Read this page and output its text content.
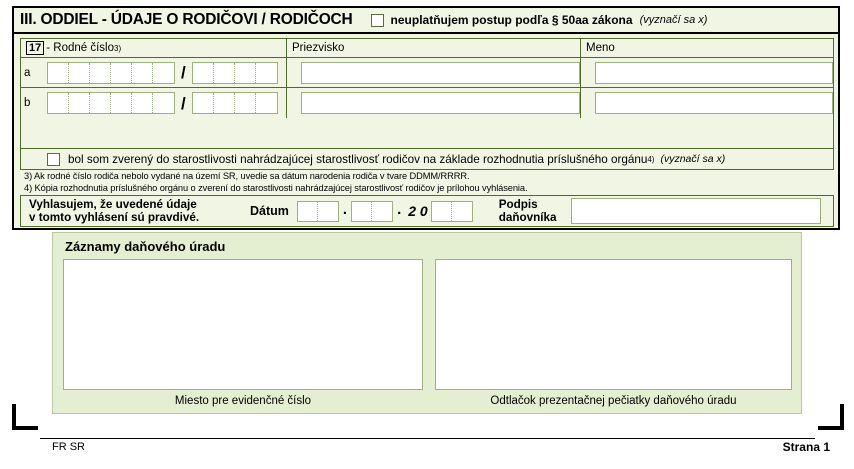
III. ODDIEL - ÚDAJE O RODIČOVI / RODIČOCH	neuplatňujem postup podľa § 50aa zákona (vyznačí sa x)
17 - Rodné číslo 3)	Priezvisko	Meno
a	/
b	/
bol som zverený do starostlivosti nahrádzajúcej starostlivosť rodičov na základe rozhodnutia príslušného orgánu 4) (vyznačí sa x)
3) Ak rodné číslo rodiča nebolo vydané na území SR, uvedie sa dátum narodenia rodiča v tvare DDMM/RRRR.
4) Kópia rozhodnutia príslušného orgánu o zverení do starostlivosti nahrádzajúcej starostlivosť rodičov je prílohou vyhlásenia.
Vyhlasujem, že uvedené údaje
v tomto vyhlásení sú pravdivé.	Dátum	.	. 2 0	Podpis
daňovníka
Záznamy daňového úradu
Miesto pre evidenčné číslo	Odtlačok prezentačnej pečiatky daňového úradu
FR SR	Strana 1
